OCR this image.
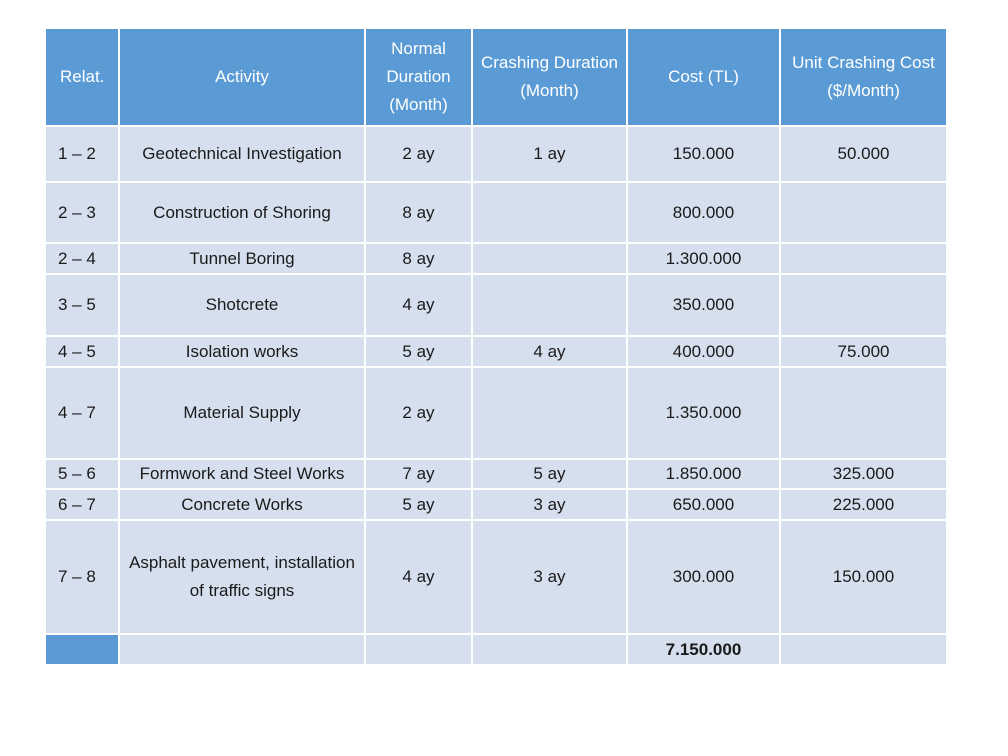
Relat.	Activity	Normal Duration (Month)	Crashing Duration (Month)	Cost (TL)	Unit Crashing Cost ($/Month)
1 – 2	Geotechnical Investigation	2 ay	1 ay	150.000	50.000
2 – 3	Construction of Shoring	8 ay		800.000	
2 – 4	Tunnel Boring	8 ay		1.300.000	
3 – 5	Shotcrete	4 ay		350.000	
4 – 5	Isolation works	5 ay	4 ay	400.000	75.000
4 – 7	Material Supply	2 ay		1.350.000	
5 – 6	Formwork and Steel Works	7 ay	5 ay	1.850.000	325.000
6 – 7	Concrete Works	5 ay	3 ay	650.000	225.000
7 – 8	Asphalt pavement, installation of traffic signs	4 ay	3 ay	300.000	150.000
				7.150.000	
